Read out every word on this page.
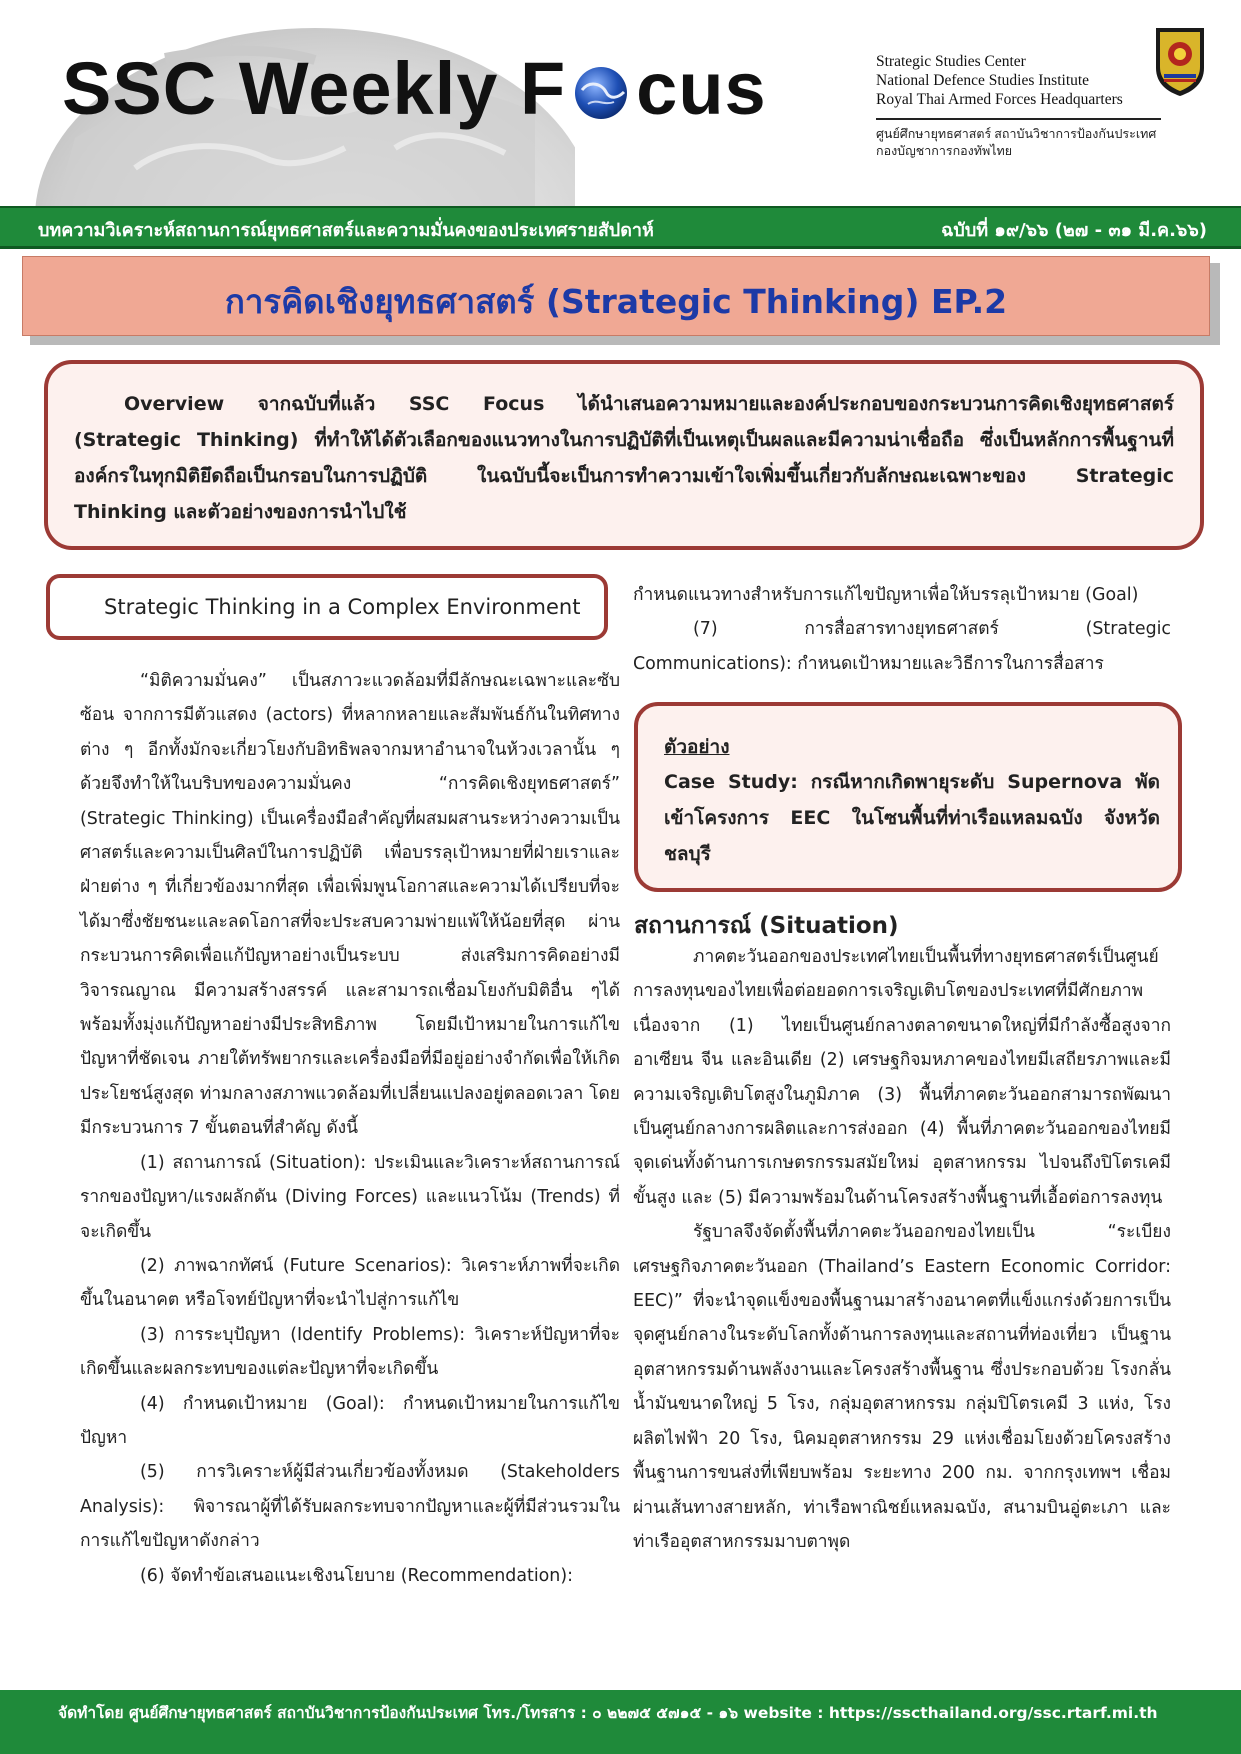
SSC Weekly F cus	Strategic Studies Center
National Defence Studies Institute
Royal Thai Armed Forces Headquarters
ศูนย์ศึกษายุทธศาสตร์ สถาบันวิชาการป้องกันประเทศ
กองบัญชาการกองทัพไทย
บทความวิเคราะห์สถานการณ์ยุทธศาสตร์และความมั่นคงของประเทศรายสัปดาห์	ฉบับที่ ๑๙/๖๖ (๒๗ - ๓๑ มี.ค.๖๖)
การคิดเชิงยุทธศาสตร์ (Strategic Thinking) EP.2

Overview จากฉบับที่แล้ว SSC Focus ได้นำเสนอความหมายและองค์ประกอบของกระบวนการคิดเชิงยุทธศาสตร์ (Strategic Thinking) ที่ทำให้ได้ตัวเลือกของแนวทางในการปฏิบัติที่เป็นเหตุเป็นผลและมีความน่าเชื่อถือ ซึ่งเป็นหลักการพื้นฐานที่องค์กรในทุกมิติยึดถือเป็นกรอบในการปฏิบัติ ในฉบับนี้จะเป็นการทำความเข้าใจเพิ่มขึ้นเกี่ยวกับลักษณะเฉพาะของ Strategic Thinking และตัวอย่างของการนำไปใช้

Strategic Thinking in a Complex Environment

“มิติความมั่นคง” เป็นสภาวะแวดล้อมที่มีลักษณะเฉพาะและซับซ้อน จากการมีตัวแสดง (actors) ที่หลากหลายและสัมพันธ์กันในทิศทางต่าง ๆ อีกทั้งมักจะเกี่ยวโยงกับอิทธิพลจากมหาอำนาจในห้วงเวลานั้น ๆ ด้วยจึงทำให้ในบริบทของความมั่นคง “การคิดเชิงยุทธศาสตร์” (Strategic Thinking) เป็นเครื่องมือสำคัญที่ผสมผสานระหว่างความเป็นศาสตร์และความเป็นศิลป์ในการปฏิบัติ เพื่อบรรลุเป้าหมายที่ฝ่ายเราและฝ่ายต่าง ๆ ที่เกี่ยวข้องมากที่สุด เพื่อเพิ่มพูนโอกาสและความได้เปรียบที่จะได้มาซึ่งชัยชนะและลดโอกาสที่จะประสบความพ่ายแพ้ให้น้อยที่สุด ผ่านกระบวนการคิดเพื่อแก้ปัญหาอย่างเป็นระบบ ส่งเสริมการคิดอย่างมีวิจารณญาณ มีความสร้างสรรค์ และสามารถเชื่อมโยงกับมิติอื่น ๆได้ พร้อมทั้งมุ่งแก้ปัญหาอย่างมีประสิทธิภาพ โดยมีเป้าหมายในการแก้ไขปัญหาที่ชัดเจน ภายใต้ทรัพยากรและเครื่องมือที่มีอยู่อย่างจำกัดเพื่อให้เกิดประโยชน์สูงสุด ท่ามกลางสภาพแวดล้อมที่เปลี่ยนแปลงอยู่ตลอดเวลา โดยมีกระบวนการ 7 ขั้นตอนที่สำคัญ ดังนี้

(1) สถานการณ์ (Situation): ประเมินและวิเคราะห์สถานการณ์ รากของปัญหา/แรงผลักดัน (Diving Forces) และแนวโน้ม (Trends) ที่จะเกิดขึ้น

(2) ภาพฉากทัศน์ (Future Scenarios): วิเคราะห์ภาพที่จะเกิดขึ้นในอนาคต หรือโจทย์ปัญหาที่จะนำไปสู่การแก้ไข

(3) การระบุปัญหา (Identify Problems): วิเคราะห์ปัญหาที่จะเกิดขึ้นและผลกระทบของแต่ละปัญหาที่จะเกิดขึ้น

(4) กำหนดเป้าหมาย (Goal): กำหนดเป้าหมายในการแก้ไขปัญหา

(5) การวิเคราะห์ผู้มีส่วนเกี่ยวข้องทั้งหมด (Stakeholders Analysis): พิจารณาผู้ที่ได้รับผลกระทบจากปัญหาและผู้ที่มีส่วนรวมในการแก้ไขปัญหาดังกล่าว

(6) จัดทำข้อเสนอแนะเชิงนโยบาย (Recommendation):

กำหนดแนวทางสำหรับการแก้ไขปัญหาเพื่อให้บรรลุเป้าหมาย (Goal)

(7) การสื่อสารทางยุทธศาสตร์ (Strategic Communications): กำหนดเป้าหมายและวิธีการในการสื่อสาร

ตัวอย่าง
Case Study: กรณีหากเกิดพายุระดับ Supernova พัดเข้าโครงการ EEC ในโซนพื้นที่ท่าเรือแหลมฉบัง จังหวัดชลบุรี
สถานการณ์ (Situation)

ภาคตะวันออกของประเทศไทยเป็นพื้นที่ทางยุทธศาสตร์เป็นศูนย์การลงทุนของไทยเพื่อต่อยอดการเจริญเติบโตของประเทศที่มีศักยภาพ เนื่องจาก (1) ไทยเป็นศูนย์กลางตลาดขนาดใหญ่ที่มีกำลังซื้อสูงจากอาเซียน จีน และอินเดีย (2) เศรษฐกิจมหภาคของไทยมีเสถียรภาพและมีความเจริญเติบโตสูงในภูมิภาค (3) พื้นที่ภาคตะวันออกสามารถพัฒนาเป็นศูนย์กลางการผลิตและการส่งออก (4) พื้นที่ภาคตะวันออกของไทยมีจุดเด่นทั้งด้านการเกษตรกรรมสมัยใหม่ อุตสาหกรรม ไปจนถึงปิโตรเคมีขั้นสูง และ (5) มีความพร้อมในด้านโครงสร้างพื้นฐานที่เอื้อต่อการลงทุน

รัฐบาลจึงจัดตั้งพื้นที่ภาคตะวันออกของไทยเป็น “ระเบียงเศรษฐกิจภาคตะวันออก (Thailand’s Eastern Economic Corridor: EEC)” ที่จะนำจุดแข็งของพื้นฐานมาสร้างอนาคตที่แข็งแกร่งด้วยการเป็นจุดศูนย์กลางในระดับโลกทั้งด้านการลงทุนและสถานที่ท่องเที่ยว เป็นฐานอุตสาหกรรมด้านพลังงานและโครงสร้างพื้นฐาน ซึ่งประกอบด้วย โรงกลั่นน้ำมันขนาดใหญ่ 5 โรง, กลุ่มอุตสาหกรรม กลุ่มปิโตรเคมี 3 แห่ง, โรงผลิตไฟฟ้า 20 โรง, นิคมอุตสาหกรรม 29 แห่งเชื่อมโยงด้วยโครงสร้างพื้นฐานการขนส่งที่เพียบพร้อม ระยะทาง 200 กม. จากกรุงเทพฯ เชื่อมผ่านเส้นทางสายหลัก, ท่าเรือพาณิชย์แหลมฉบัง, สนามบินอู่ตะเภา และท่าเรืออุตสาหกรรมมาบตาพุด

จัดทำโดย ศูนย์ศึกษายุทธศาสตร์ สถาบันวิชาการป้องกันประเทศ โทร./โทรสาร : ๐ ๒๒๗๕ ๕๗๑๕ - ๑๖ website : https://sscthailand.org/ssc.rtarf.mi.th
